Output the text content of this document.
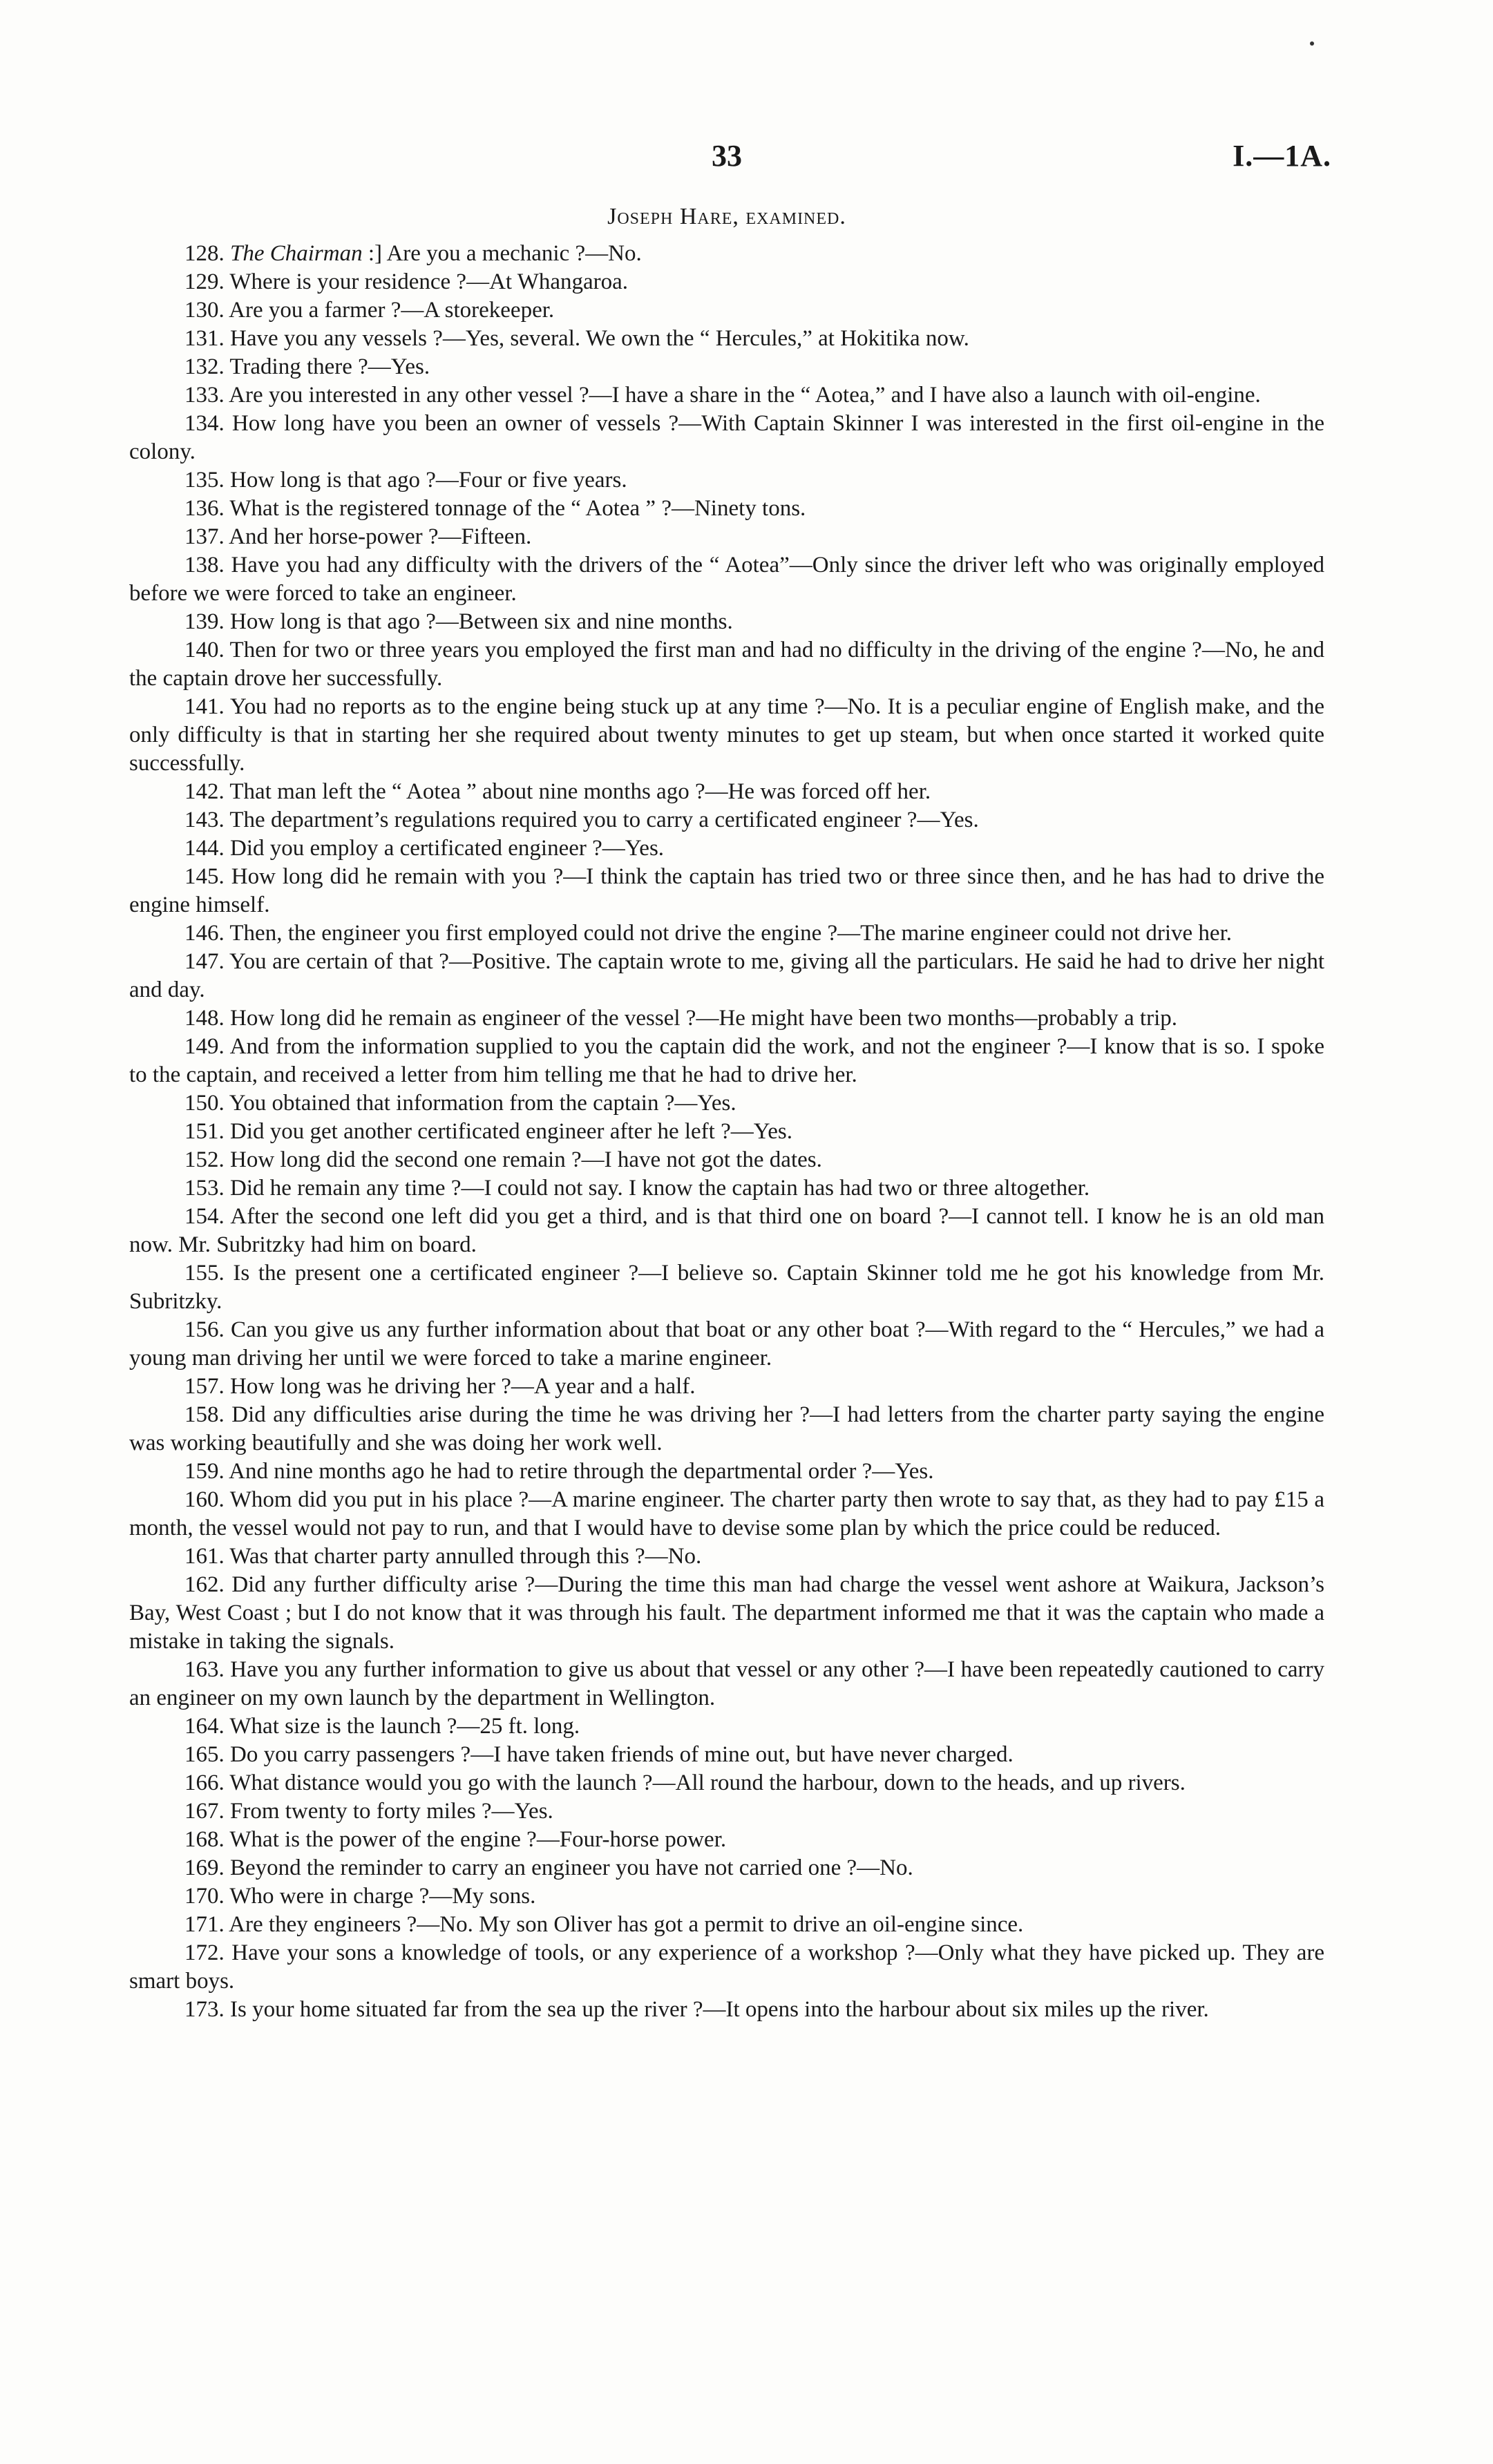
33	I.—1A.
Joseph Hare, examined.

128. The Chairman :] Are you a mechanic ?—No.

129. Where is your residence ?—At Whangaroa.

130. Are you a farmer ?—A storekeeper.

131. Have you any vessels ?—Yes, several. We own the “ Hercules,” at Hokitika now.

132. Trading there ?—Yes.

133. Are you interested in any other vessel ?—I have a share in the “ Aotea,” and I have also a launch with oil-engine.

134. How long have you been an owner of vessels ?—With Captain Skinner I was interested in the first oil-engine in the colony.

135. How long is that ago ?—Four or five years.

136. What is the registered tonnage of the “ Aotea ” ?—Ninety tons.

137. And her horse-power ?—Fifteen.

138. Have you had any difficulty with the drivers of the “ Aotea”—Only since the driver left who was originally employed before we were forced to take an engineer.

139. How long is that ago ?—Between six and nine months.

140. Then for two or three years you employed the first man and had no difficulty in the driving of the engine ?—No, he and the captain drove her successfully.

141. You had no reports as to the engine being stuck up at any time ?—No. It is a peculiar engine of English make, and the only difficulty is that in starting her she required about twenty minutes to get up steam, but when once started it worked quite successfully.

142. That man left the “ Aotea ” about nine months ago ?—He was forced off her.

143. The department’s regulations required you to carry a certificated engineer ?—Yes.

144. Did you employ a certificated engineer ?—Yes.

145. How long did he remain with you ?—I think the captain has tried two or three since then, and he has had to drive the engine himself.

146. Then, the engineer you first employed could not drive the engine ?—The marine engineer could not drive her.

147. You are certain of that ?—Positive. The captain wrote to me, giving all the particulars. He said he had to drive her night and day.

148. How long did he remain as engineer of the vessel ?—He might have been two months—probably a trip.

149. And from the information supplied to you the captain did the work, and not the engineer ?—I know that is so. I spoke to the captain, and received a letter from him telling me that he had to drive her.

150. You obtained that information from the captain ?—Yes.

151. Did you get another certificated engineer after he left ?—Yes.

152. How long did the second one remain ?—I have not got the dates.

153. Did he remain any time ?—I could not say. I know the captain has had two or three altogether.

154. After the second one left did you get a third, and is that third one on board ?—I cannot tell. I know he is an old man now. Mr. Subritzky had him on board.

155. Is the present one a certificated engineer ?—I believe so. Captain Skinner told me he got his knowledge from Mr. Subritzky.

156. Can you give us any further information about that boat or any other boat ?—With regard to the “ Hercules,” we had a young man driving her until we were forced to take a marine engineer.

157. How long was he driving her ?—A year and a half.

158. Did any difficulties arise during the time he was driving her ?—I had letters from the charter party saying the engine was working beautifully and she was doing her work well.

159. And nine months ago he had to retire through the departmental order ?—Yes.

160. Whom did you put in his place ?—A marine engineer. The charter party then wrote to say that, as they had to pay £15 a month, the vessel would not pay to run, and that I would have to devise some plan by which the price could be reduced.

161. Was that charter party annulled through this ?—No.

162. Did any further difficulty arise ?—During the time this man had charge the vessel went ashore at Waikura, Jackson’s Bay, West Coast ; but I do not know that it was through his fault. The department informed me that it was the captain who made a mistake in taking the signals.

163. Have you any further information to give us about that vessel or any other ?—I have been repeatedly cautioned to carry an engineer on my own launch by the department in Wellington.

164. What size is the launch ?—25 ft. long.

165. Do you carry passengers ?—I have taken friends of mine out, but have never charged.

166. What distance would you go with the launch ?—All round the harbour, down to the heads, and up rivers.

167. From twenty to forty miles ?—Yes.

168. What is the power of the engine ?—Four-horse power.

169. Beyond the reminder to carry an engineer you have not carried one ?—No.

170. Who were in charge ?—My sons.

171. Are they engineers ?—No. My son Oliver has got a permit to drive an oil-engine since.

172. Have your sons a knowledge of tools, or any experience of a workshop ?—Only what they have picked up. They are smart boys.

173. Is your home situated far from the sea up the river ?—It opens into the harbour about six miles up the river.
